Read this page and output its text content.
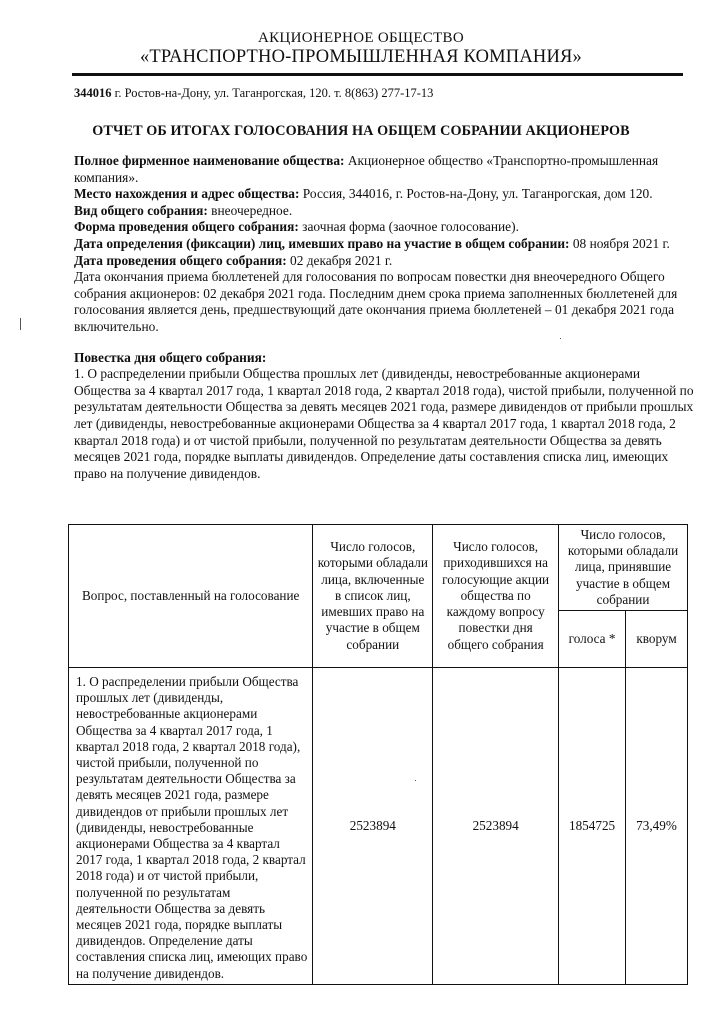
АКЦИОНЕРНОЕ ОБЩЕСТВО
«ТРАНСПОРТНО-ПРОМЫШЛЕННАЯ КОМПАНИЯ»
344016 г. Ростов-на-Дону, ул. Таганрогская, 120. т. 8(863) 277-17-13
ОТЧЕТ ОБ ИТОГАХ ГОЛОСОВАНИЯ НА ОБЩЕМ СОБРАНИИ АКЦИОНЕРОВ

Полное фирменное наименование общества: Акционерное общество «Транспортно-промышленная компания».

Место нахождения и адрес общества: Россия, 344016, г. Ростов-на-Дону, ул. Таганрогская, дом 120.

Вид общего собрания: внеочередное.

Форма проведения общего собрания: заочная форма (заочное голосование).

Дата определения (фиксации) лиц, имевших право на участие в общем собрании: 08 ноября 2021 г.

Дата проведения общего собрания: 02 декабря 2021 г.

Дата окончания приема бюллетеней для голосования по вопросам повестки дня внеочередного Общего собрания акционеров: 02 декабря 2021 года. Последним днем срока приема заполненных бюллетеней для голосования является день, предшествующий дате окончания приема бюллетеней – 01 декабря 2021 года включительно.

Повестка дня общего собрания:

1. О распределении прибыли Общества прошлых лет (дивиденды, невостребованные акционерами Общества за 4 квартал 2017 года, 1 квартал 2018 года, 2 квартал 2018 года), чистой прибыли, полученной по результатам деятельности Общества за девять месяцев 2021 года, размере дивидендов от прибыли прошлых лет (дивиденды, невостребованные акционерами Общества за 4 квартал 2017 года, 1 квартал 2018 года, 2 квартал 2018 года) и от чистой прибыли, полученной по результатам деятельности Общества за девять месяцев 2021 года, порядке выплаты дивидендов. Определение даты составления списка лиц, имеющих право на получение дивидендов.

Вопрос, поставленный на голосование	Число голосов, которыми обладали лица, включенные в список лиц, имевших право на участие в общем собрании	Число голосов, приходившихся на голосующие акции общества по каждому вопросу повестки дня общего собрания	Число голосов, которыми обладали лица, принявшие участие в общем собрании	
			голоса *	кворум
1. О распределении прибыли Общества прошлых лет (дивиденды, невостребованные акционерами Общества за 4 квартал 2017 года, 1 квартал 2018 года, 2 квартал 2018 года), чистой прибыли, полученной по результатам деятельности Общества за девять месяцев 2021 года, размере дивидендов от прибыли прошлых лет (дивиденды, невостребованные акционерами Общества за 4 квартал 2017 года, 1 квартал 2018 года, 2 квартал 2018 года) и от чистой прибыли, полученной по результатам деятельности Общества за девять месяцев 2021 года, порядке выплаты дивидендов. Определение даты составления списка лиц, имеющих право на получение дивидендов.	2523894	2523894	1854725	73,49%
